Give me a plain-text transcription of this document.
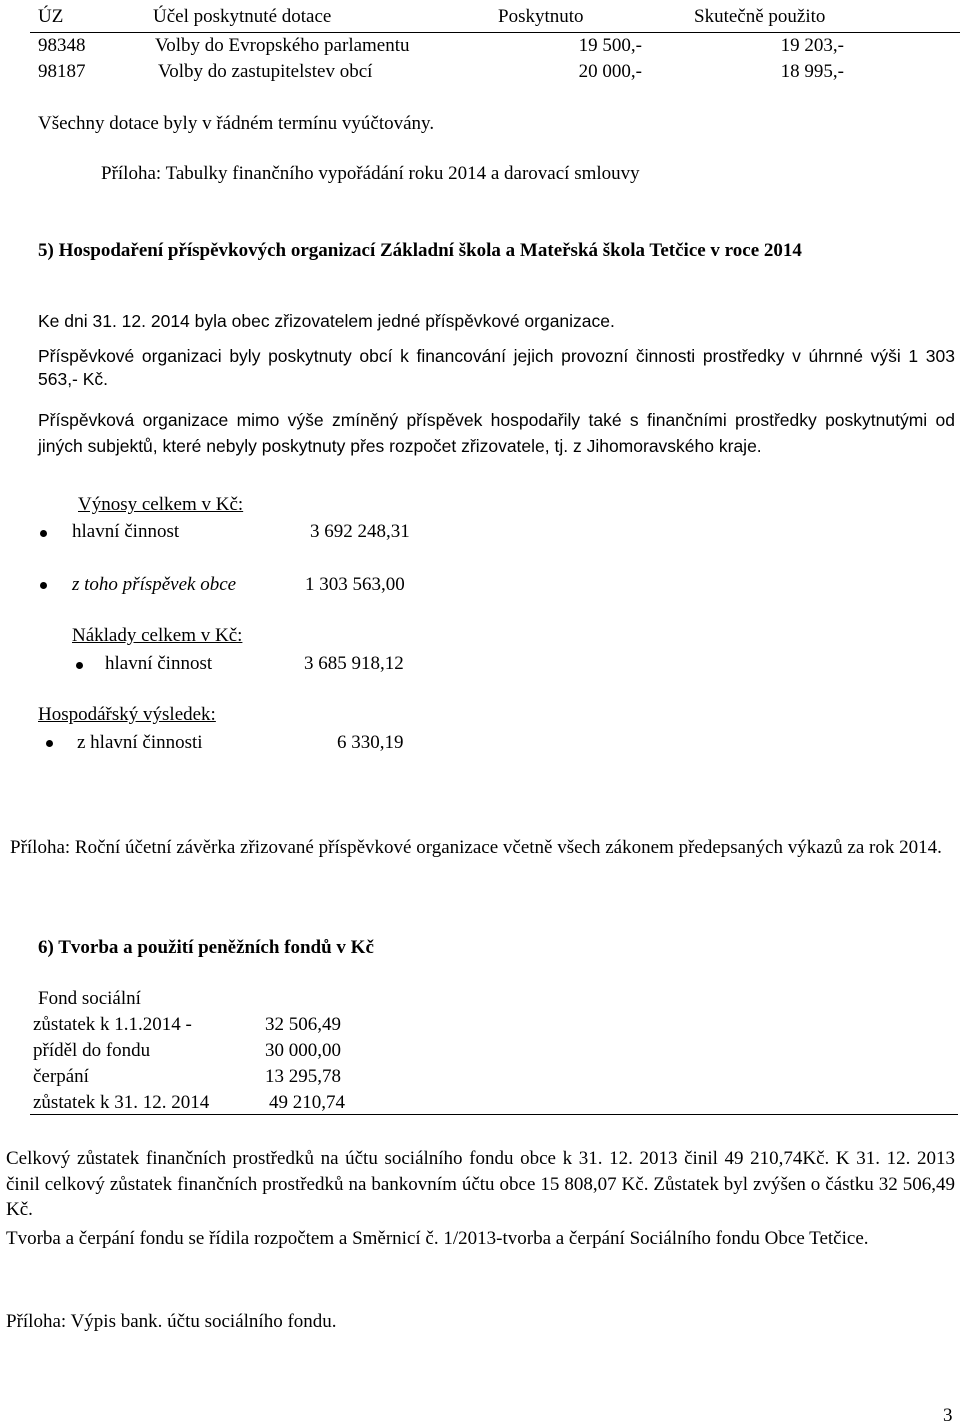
ÚZ	Účel poskytnuté dotace	Poskytnuto	Skutečně použito
98348	Volby do Evropského parlamentu	19 500,-	19 203,-
98187	Volby do zastupitelstev obcí	20 000,-	18 995,-
Všechny dotace byly v řádném termínu vyúčtovány.
Příloha: Tabulky finančního vypořádání roku 2014 a darovací smlouvy
5) Hospodaření příspěvkových organizací Základní škola a Mateřská škola Tetčice v roce 2014
Ke dni 31. 12. 2014 byla obec zřizovatelem jedné příspěvkové organizace.
Příspěvkové organizaci byly poskytnuty obcí k financování jejich provozní činnosti prostředky v úhrnné výši 1 303 563,- Kč.
Příspěvková organizace mimo výše zmíněný příspěvek hospodařily také s finančními prostředky poskytnutými od jiných subjektů, které nebyly poskytnuty přes rozpočet zřizovatele, tj. z Jihomoravského kraje.
Výnosy celkem v Kč:
hlavní činnost	3 692 248,31
z toho příspěvek obce	1 303 563,00
Náklady celkem v Kč:
hlavní činnost	3 685 918,12
Hospodářský výsledek:
z hlavní činnosti	6 330,19
Příloha: Roční účetní závěrka zřizované příspěvkové organizace včetně všech zákonem předepsaných výkazů za rok 2014.
6) Tvorba a použití peněžních fondů v Kč
Fond sociální
zůstatek k 1.1.2014 -	32 506,49
příděl do fondu	30 000,00
čerpání	13 295,78
zůstatek k 31. 12. 2014	49 210,74
Celkový zůstatek finančních prostředků na účtu sociálního fondu obce k 31. 12. 2013 činil 49 210,74Kč. K 31. 12. 2013 činil celkový zůstatek finančních prostředků na bankovním účtu obce 15 808,07 Kč. Zůstatek byl zvýšen o částku 32 506,49 Kč.
Tvorba a čerpání fondu se řídila rozpočtem a Směrnicí č. 1/2013-tvorba a čerpání Sociálního fondu Obce Tetčice.
Příloha: Výpis bank. účtu sociálního fondu.
3
